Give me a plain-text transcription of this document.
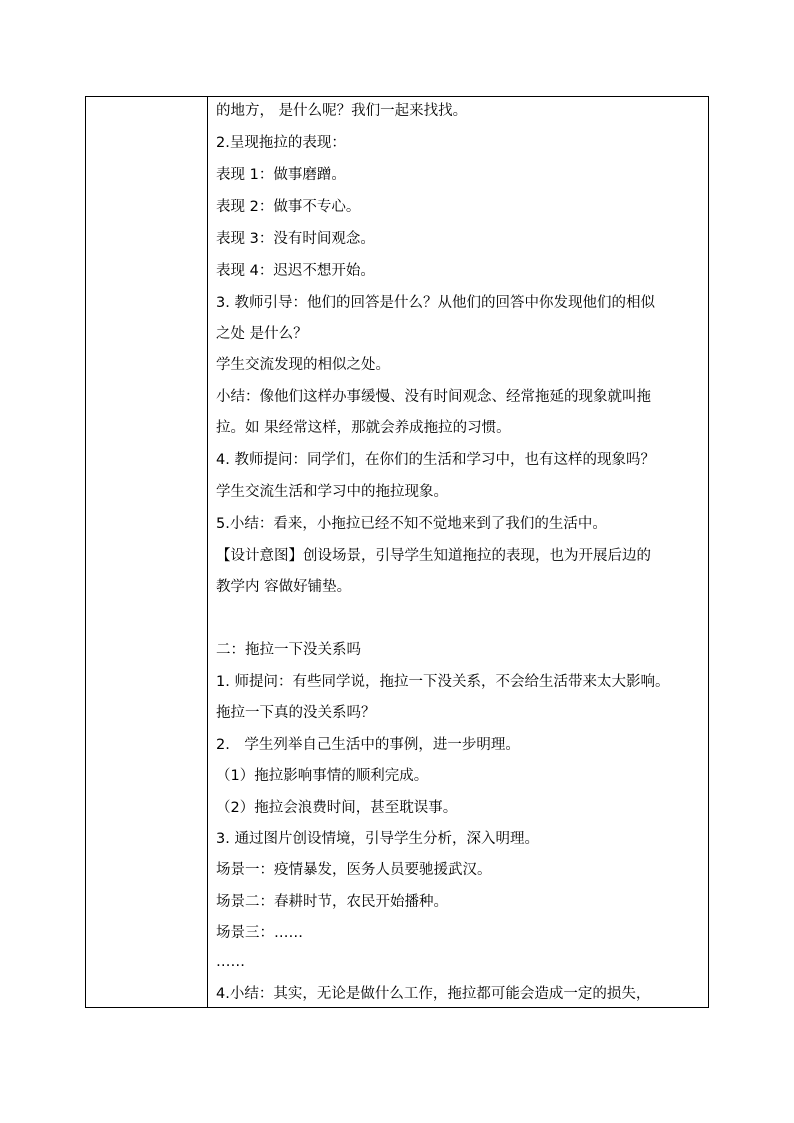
的地方， 是什么呢？我们一起来找找。
2.呈现拖拉的表现：
表现 1：做事磨蹭。
表现 2：做事不专心。
表现 3：没有时间观念。
表现 4：迟迟不想开始。
3. 教师引导：他们的回答是什么？从他们的回答中你发现他们的相似
之处 是什么？
学生交流发现的相似之处。
小结：像他们这样办事缓慢、没有时间观念、经常拖延的现象就叫拖
拉。如 果经常这样，那就会养成拖拉的习惯。
4. 教师提问：同学们，在你们的生活和学习中，也有这样的现象吗？
学生交流生活和学习中的拖拉现象。
5.小结：看来，小拖拉已经不知不觉地来到了我们的生活中。
【设计意图】创设场景，引导学生知道拖拉的表现，也为开展后边的
教学内 容做好铺垫。
二：拖拉一下没关系吗
1. 师提问：有些同学说，拖拉一下没关系，不会给生活带来太大影响。
拖拉一下真的没关系吗？
2.　学生列举自己生活中的事例，进一步明理。
（1）拖拉影响事情的顺利完成。
（2）拖拉会浪费时间，甚至耽误事。
3. 通过图片创设情境，引导学生分析，深入明理。
场景一：疫情暴发，医务人员要驰援武汉。
场景二：春耕时节，农民开始播种。
场景三：……
……
4.小结：其实，无论是做什么工作，拖拉都可能会造成一定的损失，
